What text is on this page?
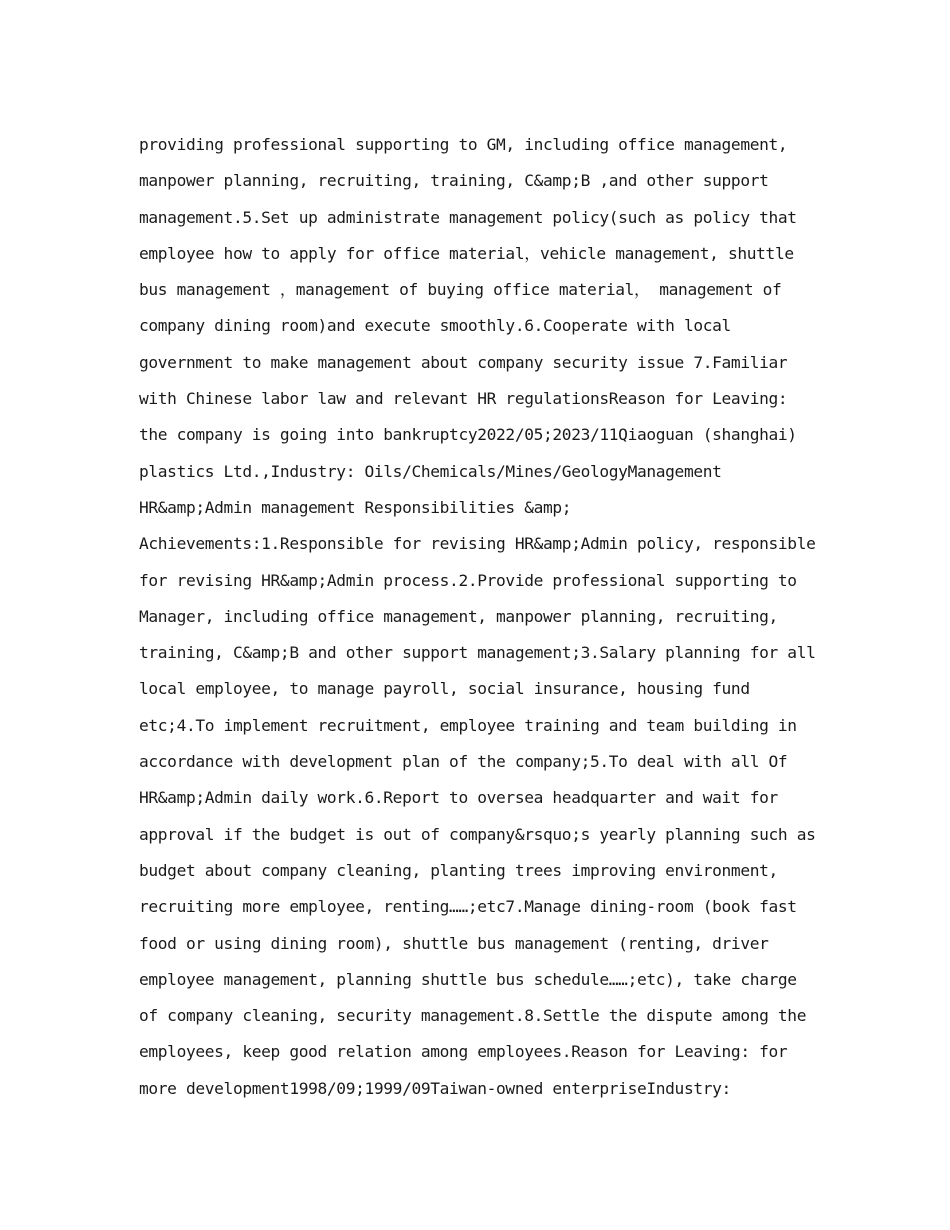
providing professional supporting to GM, including office management,
manpower planning, recruiting, training, C&amp;B ,and other support
management.5.Set up administrate management policy(such as policy that
employee how to apply for office material，vehicle management, shuttle
bus management ，management of buying office material， management of
company dining room)and execute smoothly.6.Cooperate with local
government to make management about company security issue 7.Familiar
with Chinese labor law and relevant HR regulationsReason for Leaving:
the company is going into bankruptcy2022/05;2023/11Qiaoguan (shanghai)
plastics Ltd.,Industry: Oils/Chemicals/Mines/GeologyManagement
HR&amp;Admin management Responsibilities &amp;
Achievements:1.Responsible for revising HR&amp;Admin policy, responsible
for revising HR&amp;Admin process.2.Provide professional supporting to
Manager, including office management, manpower planning, recruiting,
training, C&amp;B and other support management;3.Salary planning for all
local employee, to manage payroll, social insurance, housing fund
etc;4.To implement recruitment, employee training and team building in
accordance with development plan of the company;5.To deal with all Of
HR&amp;Admin daily work.6.Report to oversea headquarter and wait for
approval if the budget is out of company&rsquo;s yearly planning such as
budget about company cleaning, planting trees improving environment,
recruiting more employee, renting……;etc7.Manage dining-room (book fast
food or using dining room), shuttle bus management (renting, driver
employee management, planning shuttle bus schedule……;etc), take charge
of company cleaning, security management.8.Settle the dispute among the
employees, keep good relation among employees.Reason for Leaving: for
more development1998/09;1999/09Taiwan-owned enterpriseIndustry:
